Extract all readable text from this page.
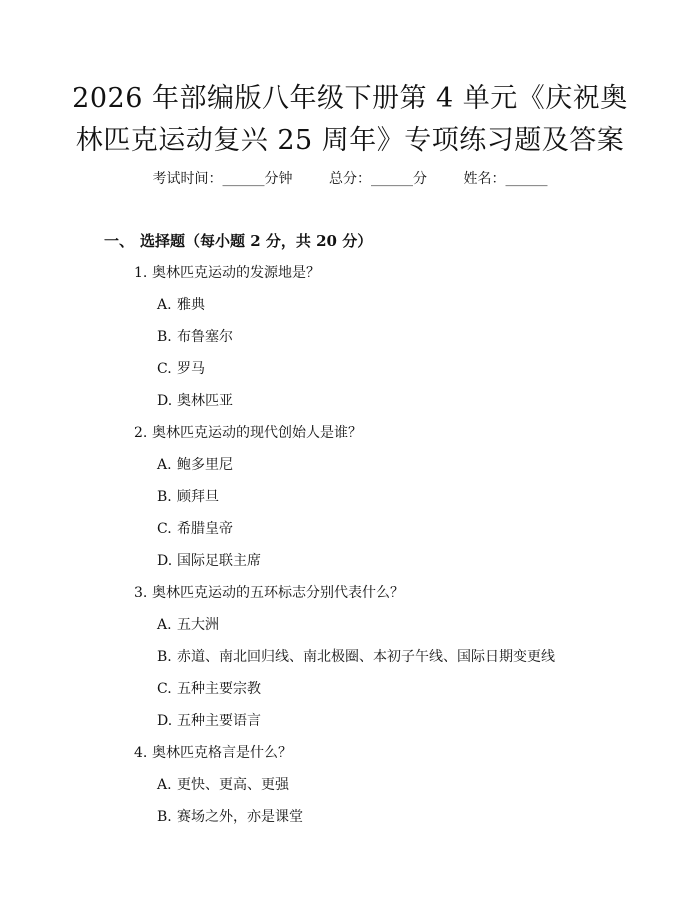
2026 年部编版八年级下册第 4 单元《庆祝奥
林匹克运动复兴 25 周年》专项练习题及答案
考试时间：______分钟	总分：______分	姓名：______
一、 选择题（每小题 2 分，共 20 分）
1. 奥林匹克运动的发源地是？
A. 雅典
B. 布鲁塞尔
C. 罗马
D. 奥林匹亚
2. 奥林匹克运动的现代创始人是谁？
A. 鲍多里尼
B. 顾拜旦
C. 希腊皇帝
D. 国际足联主席
3. 奥林匹克运动的五环标志分别代表什么？
A. 五大洲
B. 赤道、南北回归线、南北极圈、本初子午线、国际日期变更线
C. 五种主要宗教
D. 五种主要语言
4. 奥林匹克格言是什么？
A. 更快、更高、更强
B. 赛场之外，亦是课堂
